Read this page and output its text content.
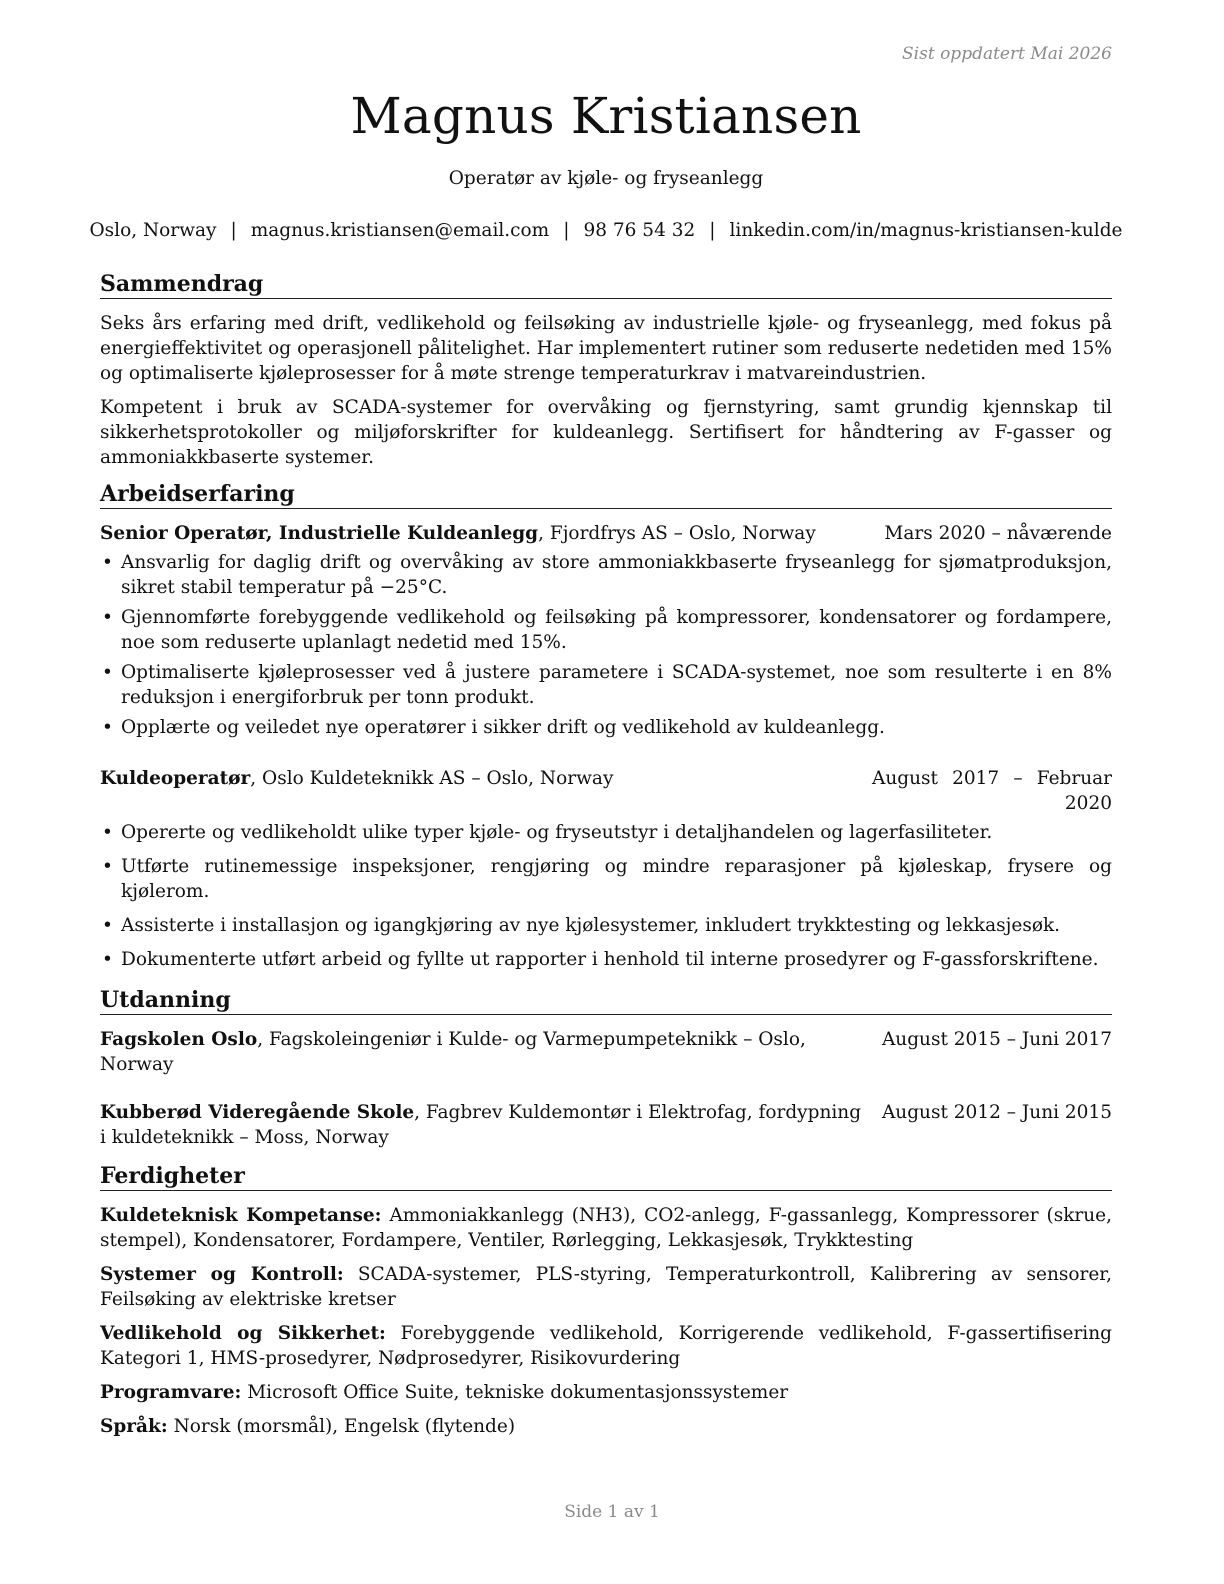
Sist oppdatert Mai 2026
Magnus Kristiansen
Operatør av kjøle- og fryseanlegg
Oslo, Norway | magnus.kristiansen@email.com | 98 76 54 32 | linkedin.com/in/magnus-kristiansen-kulde
Sammendrag

Seks års erfaring med drift, vedlikehold og feilsøking av industrielle kjøle- og fryseanlegg, med fokus på energieffektivitet og operasjonell pålitelighet. Har implementert rutiner som reduserte nedetiden med 15% og optimaliserte kjøleprosesser for å møte strenge temperaturkrav i matvareindustrien.

Kompetent i bruk av SCADA-systemer for overvåking og fjernstyring, samt grundig kjennskap til sikkerhetsprotokoller og miljøforskrifter for kuldeanlegg. Sertifisert for håndtering av F-gasser og ammoniakkbaserte systemer.

Arbeidserfaring
Senior Operatør, Industrielle Kuldeanlegg, Fjordfrys AS – Oslo, Norway	Mars 2020 – nåværende
• Ansvarlig for daglig drift og overvåking av store ammoniakkbaserte fryseanlegg for sjømatproduksjon, sikret stabil temperatur på −25°C.
• Gjennomførte forebyggende vedlikehold og feilsøking på kompressorer, kondensatorer og fordampere, noe som reduserte uplanlagt nedetid med 15%.
• Optimaliserte kjøleprosesser ved å justere parametere i SCADA-systemet, noe som resulterte i en 8% reduksjon i energiforbruk per tonn produkt.
• Opplærte og veiledet nye operatører i sikker drift og vedlikehold av kuldeanlegg.
Kuldeoperatør, Oslo Kuldeteknikk AS – Oslo, Norway	August 2017 – Februar 2020
• Opererte og vedlikeholdt ulike typer kjøle- og fryseutstyr i detaljhandelen og lagerfasiliteter.
• Utførte rutinemessige inspeksjoner, rengjøring og mindre reparasjoner på kjøleskap, frysere og kjølerom.
• Assisterte i installasjon og igangkjøring av nye kjølesystemer, inkludert trykktesting og lekkasjesøk.
• Dokumenterte utført arbeid og fyllte ut rapporter i henhold til interne prosedyrer og F-gassforskriftene.
Utdanning
Fagskolen Oslo, Fagskoleingeniør i Kulde- og Varmepumpeteknikk – Oslo, Norway
August 2015 – Juni 2017
Kubberød Videregående Skole, Fagbrev Kuldemontør i Elektrofag, fordypning i kuldeteknikk – Moss, Norway
August 2012 – Juni 2015
Ferdigheter
Kuldeteknisk Kompetanse: Ammoniakkanlegg (NH3), CO2-anlegg, F-gassanlegg, Kompressorer (skrue, stempel), Kondensatorer, Fordampere, Ventiler, Rørlegging, Lekkasjesøk, Trykktesting
Systemer og Kontroll: SCADA-systemer, PLS-styring, Temperaturkontroll, Kalibrering av sensorer, Feilsøking av elektriske kretser
Vedlikehold og Sikkerhet: Forebyggende vedlikehold, Korrigerende vedlikehold, F-gassertifisering Kategori 1, HMS-prosedyrer, Nødprosedyrer, Risikovurdering
Programvare: Microsoft Office Suite, tekniske dokumentasjonssystemer
Språk: Norsk (morsmål), Engelsk (flytende)
Side 1 av 1
